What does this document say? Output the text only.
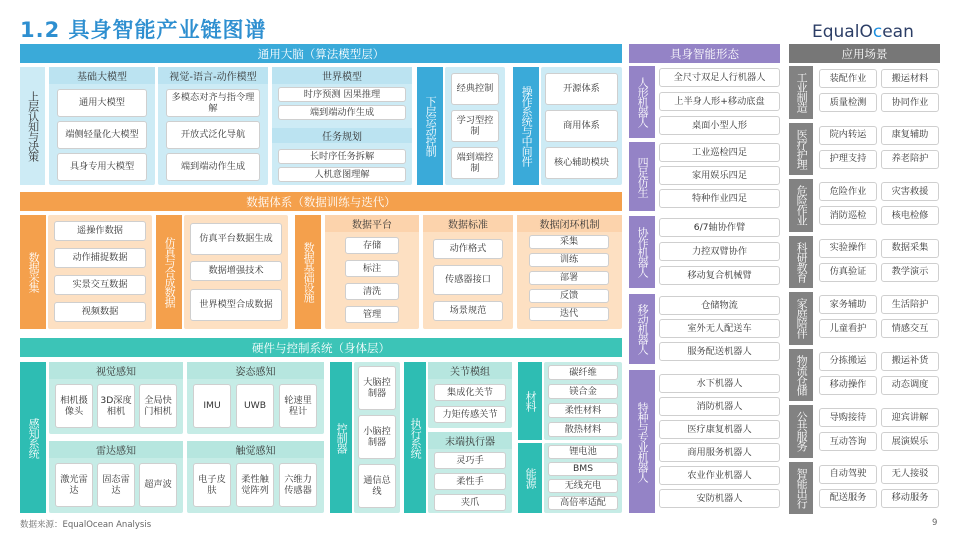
1.2 具身智能产业链图谱	EqualOcean
通用大脑（算法模型层）
上层认知与决策
基础大模型
通用大模型
端侧轻量化大模型
具身专用大模型
视觉-语言-动作模型
多模态对齐与指令理解
开放式泛化导航
端到端动作生成
世界模型
时序预测 因果推理
端到端动作生成
任务规划
长时序任务拆解
人机意图理解
下层运动控制
经典控制
学习型控制
端到端控制
操作系统与中间件	开源体系
商用体系
核心辅助模块
数据体系（数据训练与迭代）
数据采集
遥操作数据
动作捕捉数据
实景交互数据
视频数据
仿真与合成数据	仿真平台数据生成
数据增强技术
世界模型合成数据
数据基础设施
数据平台
存储
标注
清洗
管理
数据标准
动作格式
传感器接口
场景规范
数据闭环机制
采集
训练
部署
反馈
迭代
硬件与控制系统（身体层）
感知系统
视觉感知
相机摄像头
3D深度相机
全局快门相机
姿态感知
IMU	UWB
轮速里程计
雷达感知
激光雷达
固态雷达
超声波
触觉感知
电子皮肤
柔性触觉阵列
六维力传感器
控制器
大脑控制器
小脑控制器
通信总线
执行系统
关节模组
集成化关节
力矩传感关节
末端执行器
灵巧手
柔性手
夹爪
材料
碳纤维
镁合金
柔性材料
散热材料
能源
锂电池
BMS
无线充电
高倍率适配
具身智能形态
人形机器人	全尺寸双足人行机器人
上半身人形+移动底盘
桌面小型人形
四足仿生
工业巡检四足
家用娱乐四足
特种作业四足
协作机器人	6/7轴协作臂
力控双臂协作
移动复合机械臂
移动机器人	仓储物流
室外无人配送车
服务配送机器人
特种与专业机器人
水下机器人
消防机器人
医疗康复机器人
商用服务机器人
农业作业机器人
安防机器人
应用场景
工业制造	装配作业	搬运材料
质量检测	协同作业
医疗护理	院内转运	康复辅助
护理支持	养老陪护
危险作业	危险作业	灾害救援
消防巡检	核电检修
科研教育	实验操作	数据采集
仿真验证	教学演示
家庭陪伴	家务辅助	生活陪护
儿童看护	情感交互
物流仓储	分拣搬运	搬运补货
移动操作	动态调度
公共服务	导购接待	迎宾讲解
互动答询	展演娱乐
智能出行	自动驾驶	无人接驳
配送服务	移动服务
数据来源：EqualOcean Analysis	9
